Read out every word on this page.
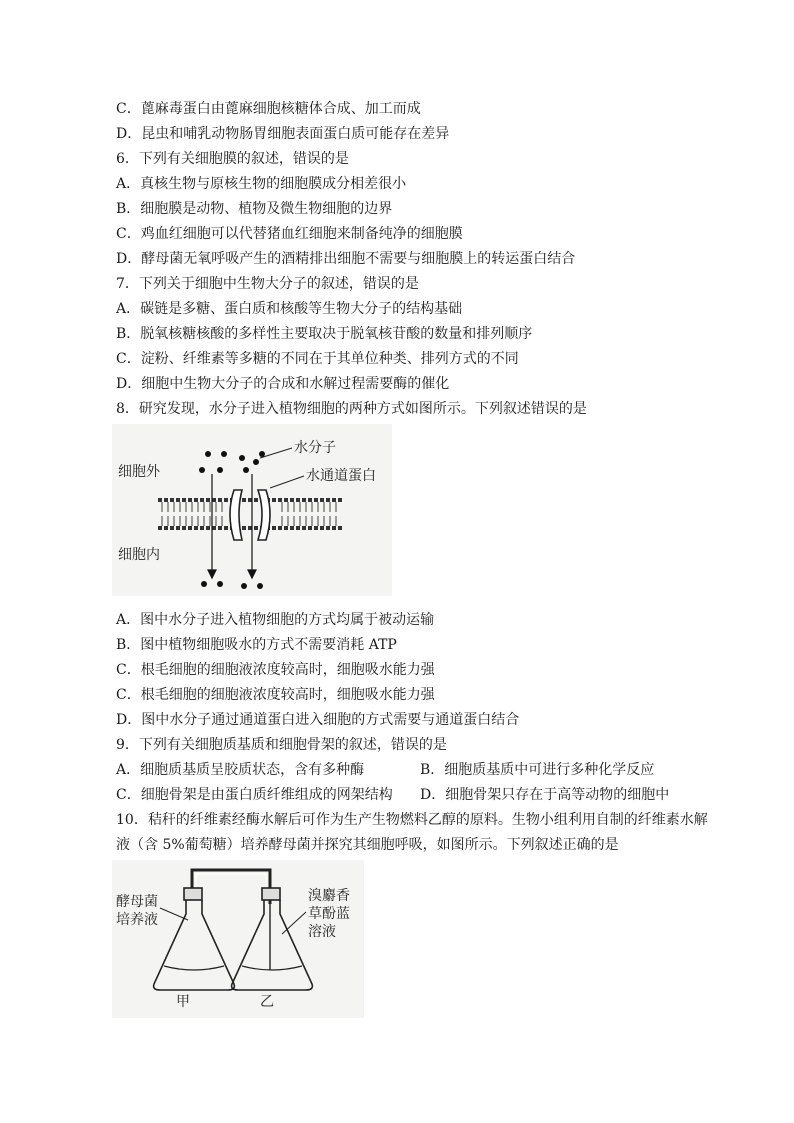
C．蓖麻毒蛋白由蓖麻细胞核糖体合成、加工而成
D．昆虫和哺乳动物肠胃细胞表面蛋白质可能存在差异
6．下列有关细胞膜的叙述，错误的是
A．真核生物与原核生物的细胞膜成分相差很小
B．细胞膜是动物、植物及微生物细胞的边界
C．鸡血红细胞可以代替猪血红细胞来制备纯净的细胞膜
D．酵母菌无氧呼吸产生的酒精排出细胞不需要与细胞膜上的转运蛋白结合
7．下列关于细胞中生物大分子的叙述，错误的是
A．碳链是多糖、蛋白质和核酸等生物大分子的结构基础
B．脱氧核糖核酸的多样性主要取决于脱氧核苷酸的数量和排列顺序
C．淀粉、纤维素等多糖的不同在于其单位种类、排列方式的不同
D．细胞中生物大分子的合成和水解过程需要酶的催化
8．研究发现，水分子进入植物细胞的两种方式如图所示。下列叙述错误的是
细胞外
细胞内
水分子
水通道蛋白
A．图中水分子进入植物细胞的方式均属于被动运输
B．图中植物细胞吸水的方式不需要消耗 ATP
C．根毛细胞的细胞液浓度较高时，细胞吸水能力强
C．根毛细胞的细胞液浓度较高时，细胞吸水能力强
D．图中水分子通过通道蛋白进入细胞的方式需要与通道蛋白结合
9．下列有关细胞质基质和细胞骨架的叙述，错误的是
A．细胞质基质呈胶质状态，含有多种酶	B．细胞质基质中可进行多种化学反应
C．细胞骨架是由蛋白质纤维组成的网架结构 D．细胞骨架只存在于高等动物的细胞中
10．秸秆的纤维素经酶水解后可作为生产生物燃料乙醇的原料。生物小组利用自制的纤维素水解
液（含 5%葡萄糖）培养酵母菌并探究其细胞呼吸，如图所示。下列叙述正确的是
酵母菌
培养液
溴麝香
草酚蓝
溶液
甲	乙
